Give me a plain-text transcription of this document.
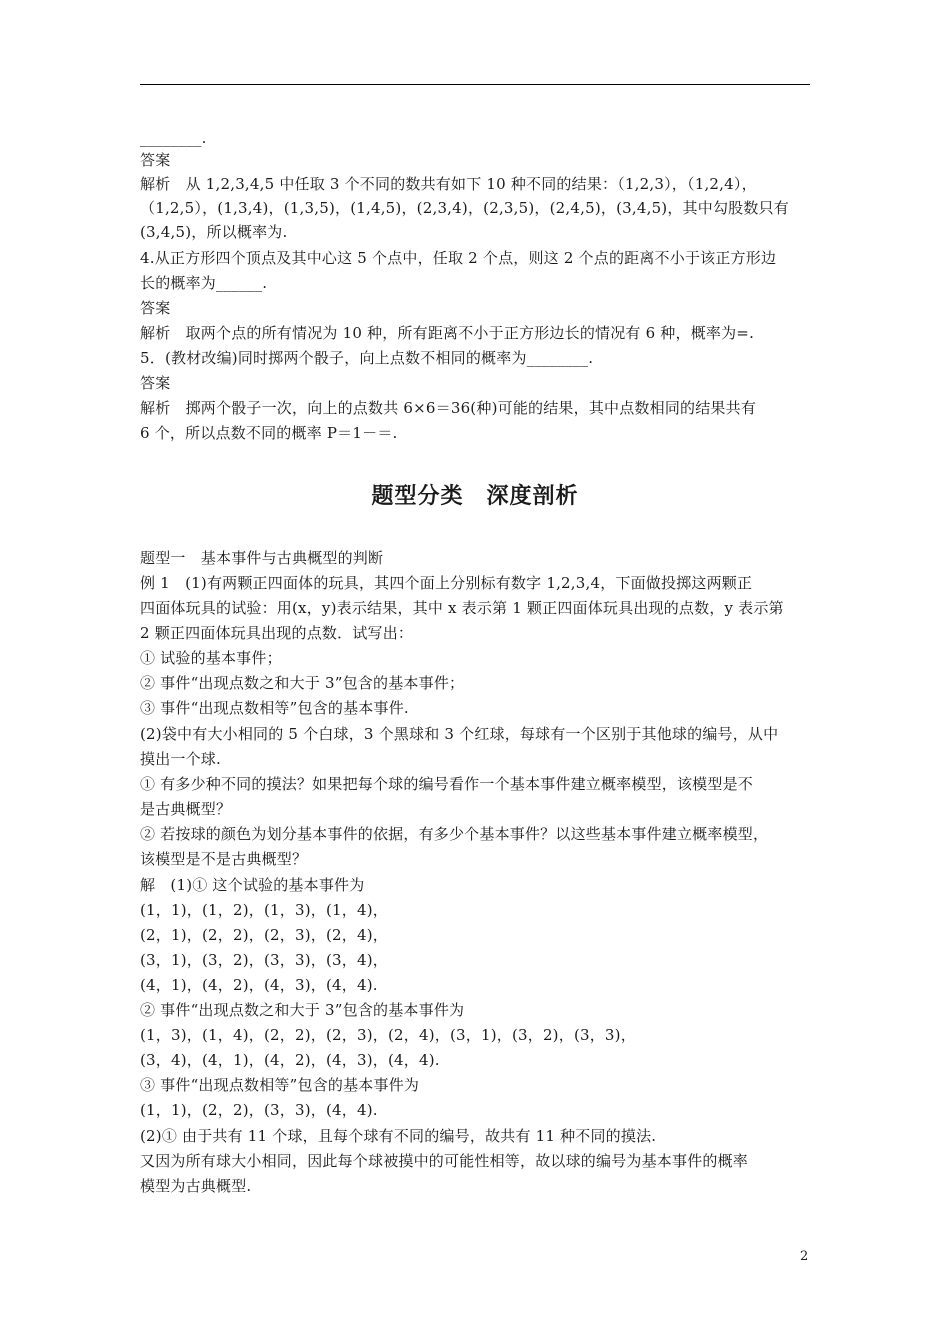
________.
答案
解析　从 1,2,3,4,5 中任取 3 个不同的数共有如下 10 种不同的结果：（1,2,3），（1,2,4），
（1,2,5），(1,3,4)，(1,3,5)，(1,4,5)，(2,3,4)，(2,3,5)，(2,4,5)，(3,4,5)，其中勾股数只有
(3,4,5)，所以概率为.
4.从正方形四个顶点及其中心这 5 个点中，任取 2 个点，则这 2 个点的距离不小于该正方形边
长的概率为______.
答案
解析　取两个点的所有情况为 10 种，所有距离不小于正方形边长的情况有 6 种，概率为=.
5．(教材改编)同时掷两个骰子，向上点数不相同的概率为________.
答案
解析　掷两个骰子一次，向上的点数共 6×6＝36(种)可能的结果，其中点数相同的结果共有
6 个，所以点数不同的概率 P＝1－＝.
题型分类　深度剖析
题型一　基本事件与古典概型的判断
例 1　(1)有两颗正四面体的玩具，其四个面上分别标有数字 1,2,3,4，下面做投掷这两颗正
四面体玩具的试验：用(x，y)表示结果，其中 x 表示第 1 颗正四面体玩具出现的点数，y 表示第
2 颗正四面体玩具出现的点数．试写出：
① 试验的基本事件；
② 事件“出现点数之和大于 3”包含的基本事件；
③ 事件“出现点数相等”包含的基本事件.
(2)袋中有大小相同的 5 个白球，3 个黑球和 3 个红球，每球有一个区别于其他球的编号，从中
摸出一个球.
① 有多少种不同的摸法？如果把每个球的编号看作一个基本事件建立概率模型，该模型是不
是古典概型？
② 若按球的颜色为划分基本事件的依据，有多少个基本事件？以这些基本事件建立概率模型，
该模型是不是古典概型？
解　(1)① 这个试验的基本事件为
(1，1)，(1，2)，(1，3)，(1，4)，
(2，1)，(2，2)，(2，3)，(2，4)，
(3，1)，(3，2)，(3，3)，(3，4)，
(4，1)，(4，2)，(4，3)，(4，4).
② 事件“出现点数之和大于 3”包含的基本事件为
(1，3)，(1，4)，(2，2)，(2，3)，(2，4)，(3，1)，(3，2)，(3，3)，
(3，4)，(4，1)，(4，2)，(4，3)，(4，4).
③ 事件“出现点数相等”包含的基本事件为
(1，1)，(2，2)，(3，3)，(4，4).
(2)① 由于共有 11 个球，且每个球有不同的编号，故共有 11 种不同的摸法.
又因为所有球大小相同，因此每个球被摸中的可能性相等，故以球的编号为基本事件的概率
模型为古典概型.
2
